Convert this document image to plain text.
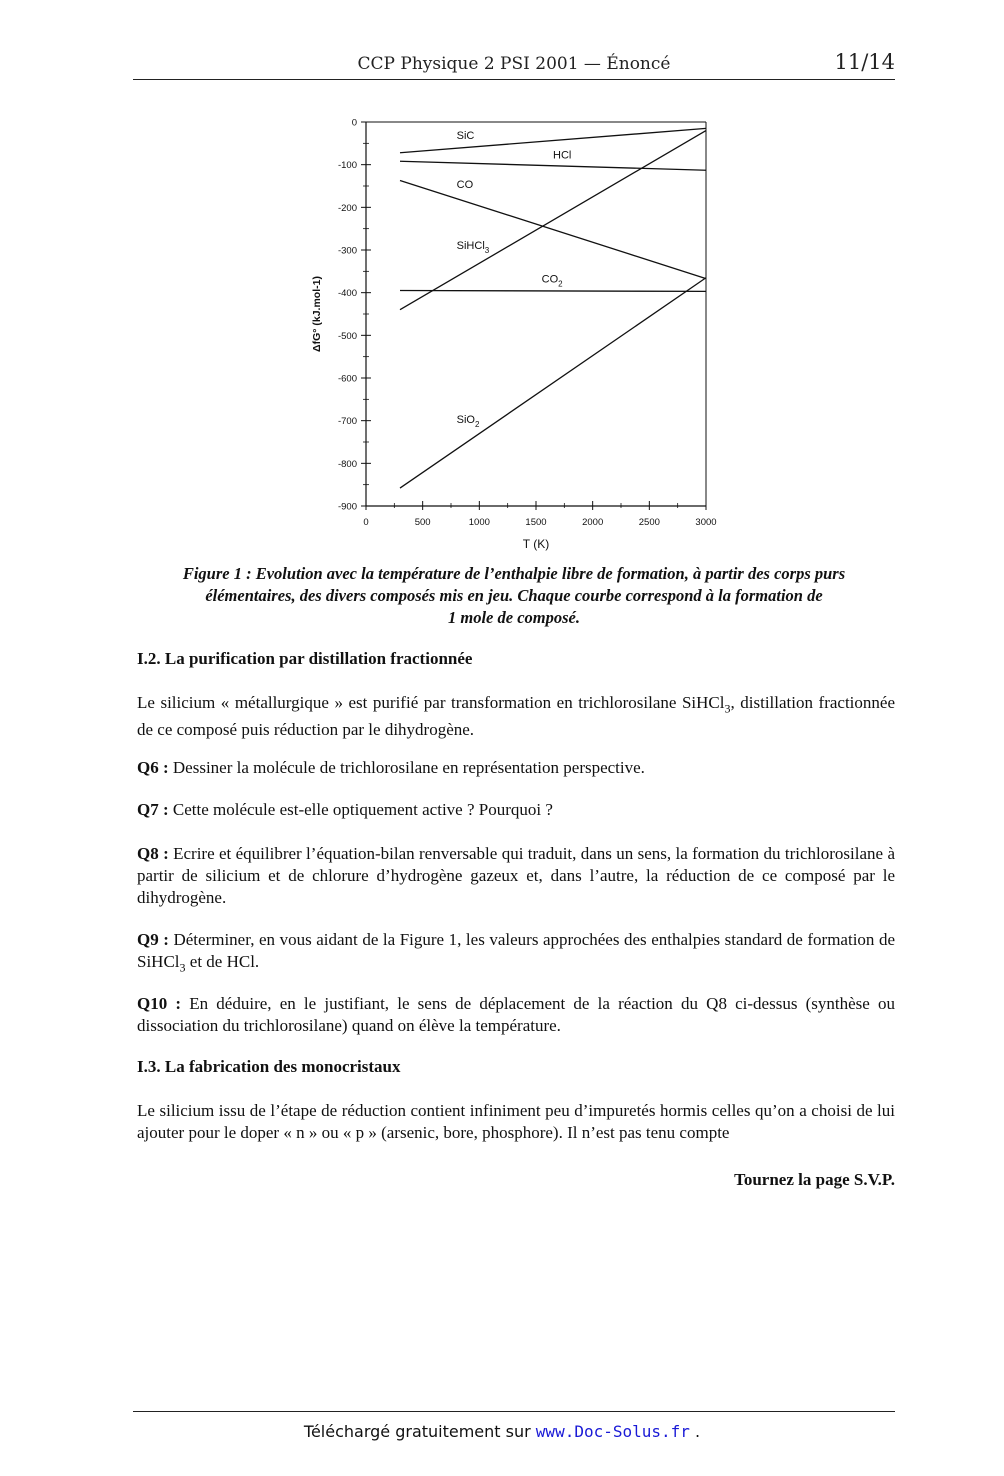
CCP Physique 2 PSI 2001 — Énoncé	11/14
0
-100
-200
-300
-400
-500
-600
-700
-800
-900
0	500	1000	1500	2000	2500	3000
T (K)
ΔfG° (kJ.mol-1)
SiC
HCl
CO
SiHCl$_3$
$CO_2$
SiO$_2$
Figure 1 : Evolution avec la température de l’enthalpie libre de formation, à partir des corps purs
élémentaires, des divers composés mis en jeu. Chaque courbe correspond à la formation de
1 mole de composé.
I.2. La purification par distillation fractionnée
Le silicium « métallurgique » est purifié par transformation en trichlorosilane SiHCl$_3$, distillation fractionnée de ce composé puis réduction par le dihydrogène.
Q6 : Dessiner la molécule de trichlorosilane en représentation perspective.
Q7 : Cette molécule est-elle optiquement active ? Pourquoi ?
Q8 : Ecrire et équilibrer l’équation-bilan renversable qui traduit, dans un sens, la formation du trichlorosilane à partir de silicium et de chlorure d’hydrogène gazeux et, dans l’autre, la réduction de ce composé par le dihydrogène.
Q9 : Déterminer, en vous aidant de la Figure 1, les valeurs approchées des enthalpies standard de formation de SiHCl$_3$ et de HCl.
Q10 : En déduire, en le justifiant, le sens de déplacement de la réaction du Q8 ci-dessus (synthèse ou dissociation du trichlorosilane) quand on élève la température.
I.3. La fabrication des monocristaux
Le silicium issu de l’étape de réduction contient infiniment peu d’impuretés hormis celles qu’on a choisi de lui ajouter pour le doper « n » ou « p » (arsenic, bore, phosphore). Il n’est pas tenu compte
Tournez la page S.V.P.
Téléchargé gratuitement sur www.Doc-Solus.fr .
